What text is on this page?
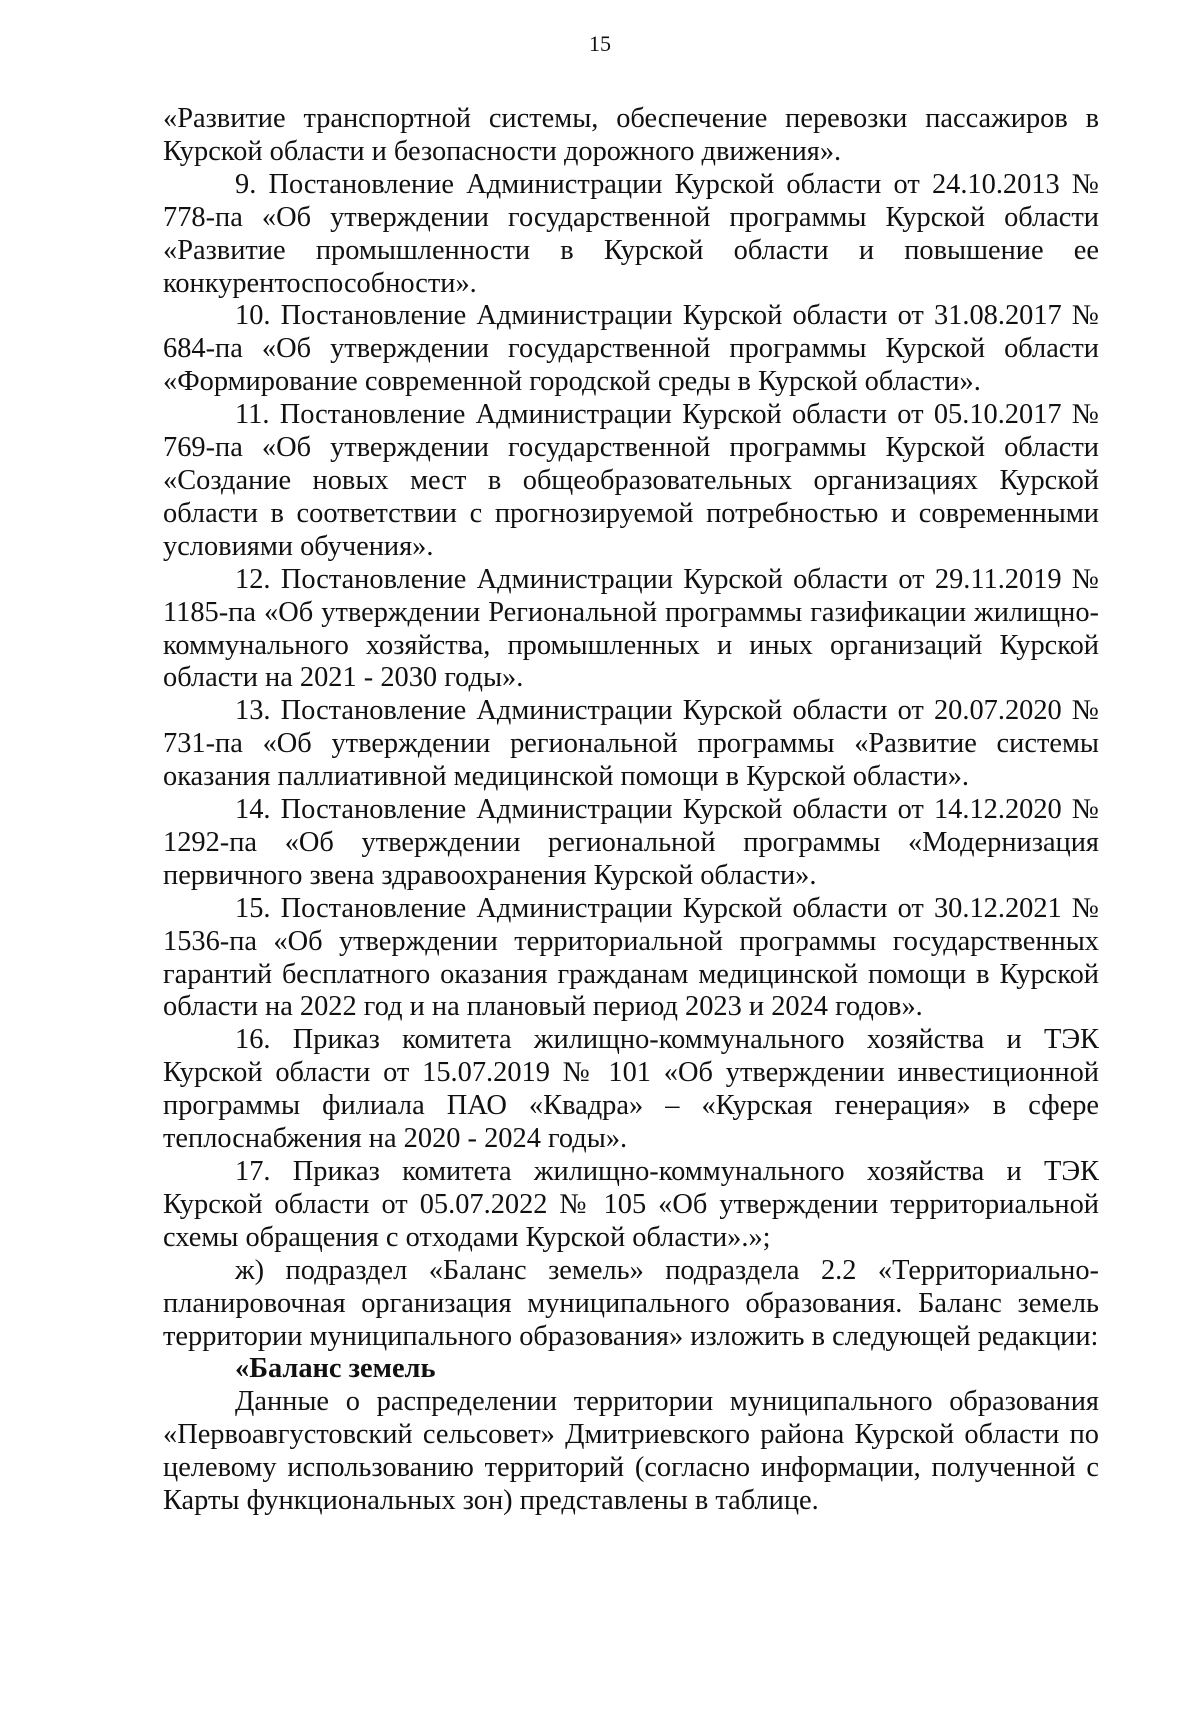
15

«Развитие транспортной системы, обеспечение перевозки пассажиров в Курской области и безопасности дорожного движения».

9. Постановление Администрации Курской области от 24.10.2013 № 778-па «Об утверждении государственной программы Курской области «Развитие промышленности в Курской области и повышение ее конкурентоспособности».

10. Постановление Администрации Курской области от 31.08.2017 № 684-па «Об утверждении государственной программы Курской области «Формирование современной городской среды в Курской области».

11. Постановление Администрации Курской области от 05.10.2017 № 769-па «Об утверждении государственной программы Курской области «Создание новых мест в общеобразовательных организациях Курской области в соответствии с прогнозируемой потребностью и современными условиями обучения».

12. Постановление Администрации Курской области от 29.11.2019 № 1185-па «Об утверждении Региональной программы газификации жилищно-коммунального хозяйства, промышленных и иных организаций Курской области на 2021 - 2030 годы».

13. Постановление Администрации Курской области от 20.07.2020 № 731-па «Об утверждении региональной программы «Развитие системы оказания паллиативной медицинской помощи в Курской области».

14. Постановление Администрации Курской области от 14.12.2020 № 1292-па «Об утверждении региональной программы «Модернизация первичного звена здравоохранения Курской области».

15. Постановление Администрации Курской области от 30.12.2021 № 1536-па «Об утверждении территориальной программы государственных гарантий бесплатного оказания гражданам медицинской помощи в Курской области на 2022 год и на плановый период 2023 и 2024 годов».

16. Приказ комитета жилищно-коммунального хозяйства и ТЭК Курской области от 15.07.2019 № 101 «Об утверждении инвестиционной программы филиала ПАО «Квадра» – «Курская генерация» в сфере теплоснабжения на 2020 - 2024 годы».

17. Приказ комитета жилищно-коммунального хозяйства и ТЭК Курской области от 05.07.2022 № 105 «Об утверждении территориальной схемы обращения с отходами Курской области».»;

ж) подраздел «Баланс земель» подраздела 2.2 «Территориально-планировочная организация муниципального образования. Баланс земель территории муниципального образования» изложить в следующей редакции:

«Баланс земель

Данные о распределении территории муниципального образования «Первоавгустовский сельсовет» Дмитриевского района Курской области по целевому использованию территорий (согласно информации, полученной с Карты функциональных зон) представлены в таблице.
